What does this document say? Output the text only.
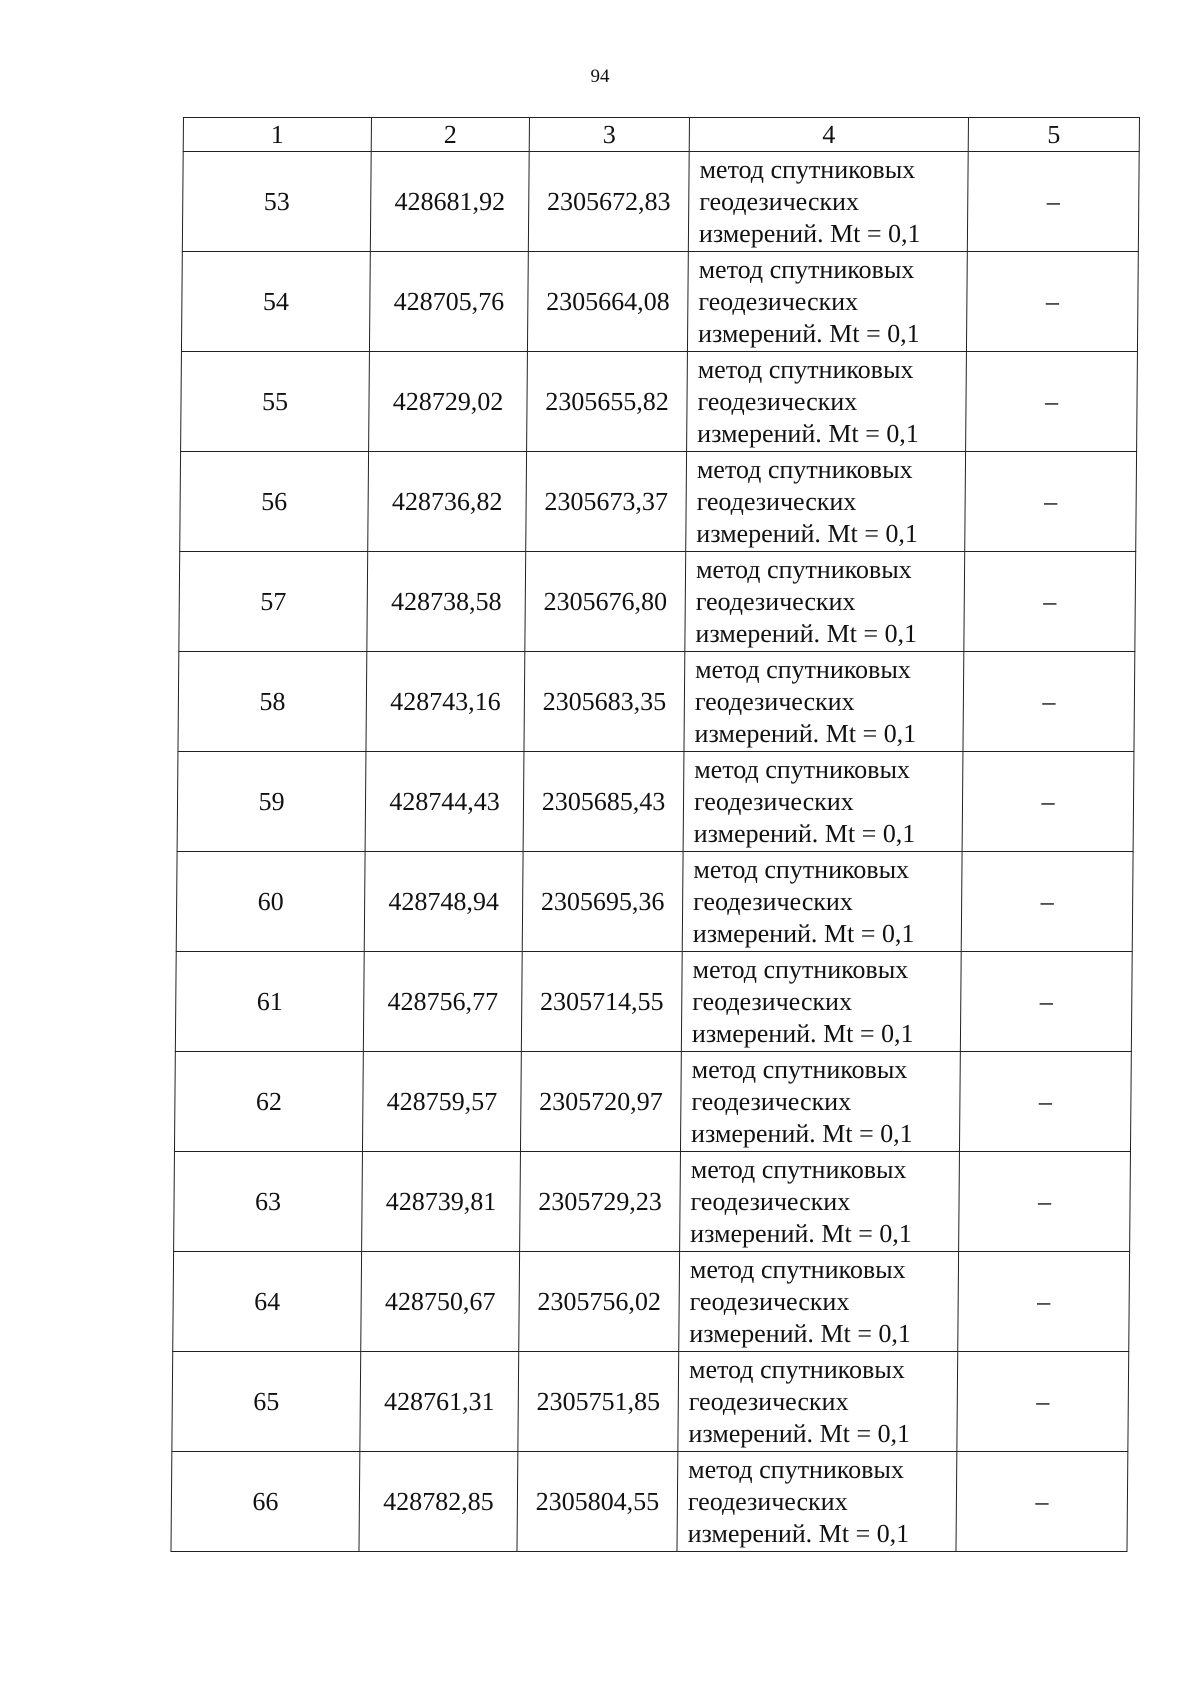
94
1	2	3	4	5
53	428681,92	2305672,83	метод спутниковых
геодезических
измерений. Mt = 0,1	–
54	428705,76	2305664,08	метод спутниковых
геодезических
измерений. Mt = 0,1	–
55	428729,02	2305655,82	метод спутниковых
геодезических
измерений. Mt = 0,1	–
56	428736,82	2305673,37	метод спутниковых
геодезических
измерений. Mt = 0,1	–
57	428738,58	2305676,80	метод спутниковых
геодезических
измерений. Mt = 0,1	–
58	428743,16	2305683,35	метод спутниковых
геодезических
измерений. Mt = 0,1	–
59	428744,43	2305685,43	метод спутниковых
геодезических
измерений. Mt = 0,1	–
60	428748,94	2305695,36	метод спутниковых
геодезических
измерений. Mt = 0,1	–
61	428756,77	2305714,55	метод спутниковых
геодезических
измерений. Mt = 0,1	–
62	428759,57	2305720,97	метод спутниковых
геодезических
измерений. Mt = 0,1	–
63	428739,81	2305729,23	метод спутниковых
геодезических
измерений. Mt = 0,1	–
64	428750,67	2305756,02	метод спутниковых
геодезических
измерений. Mt = 0,1	–
65	428761,31	2305751,85	метод спутниковых
геодезических
измерений. Mt = 0,1	–
66	428782,85	2305804,55	метод спутниковых
геодезических
измерений. Mt = 0,1	–
